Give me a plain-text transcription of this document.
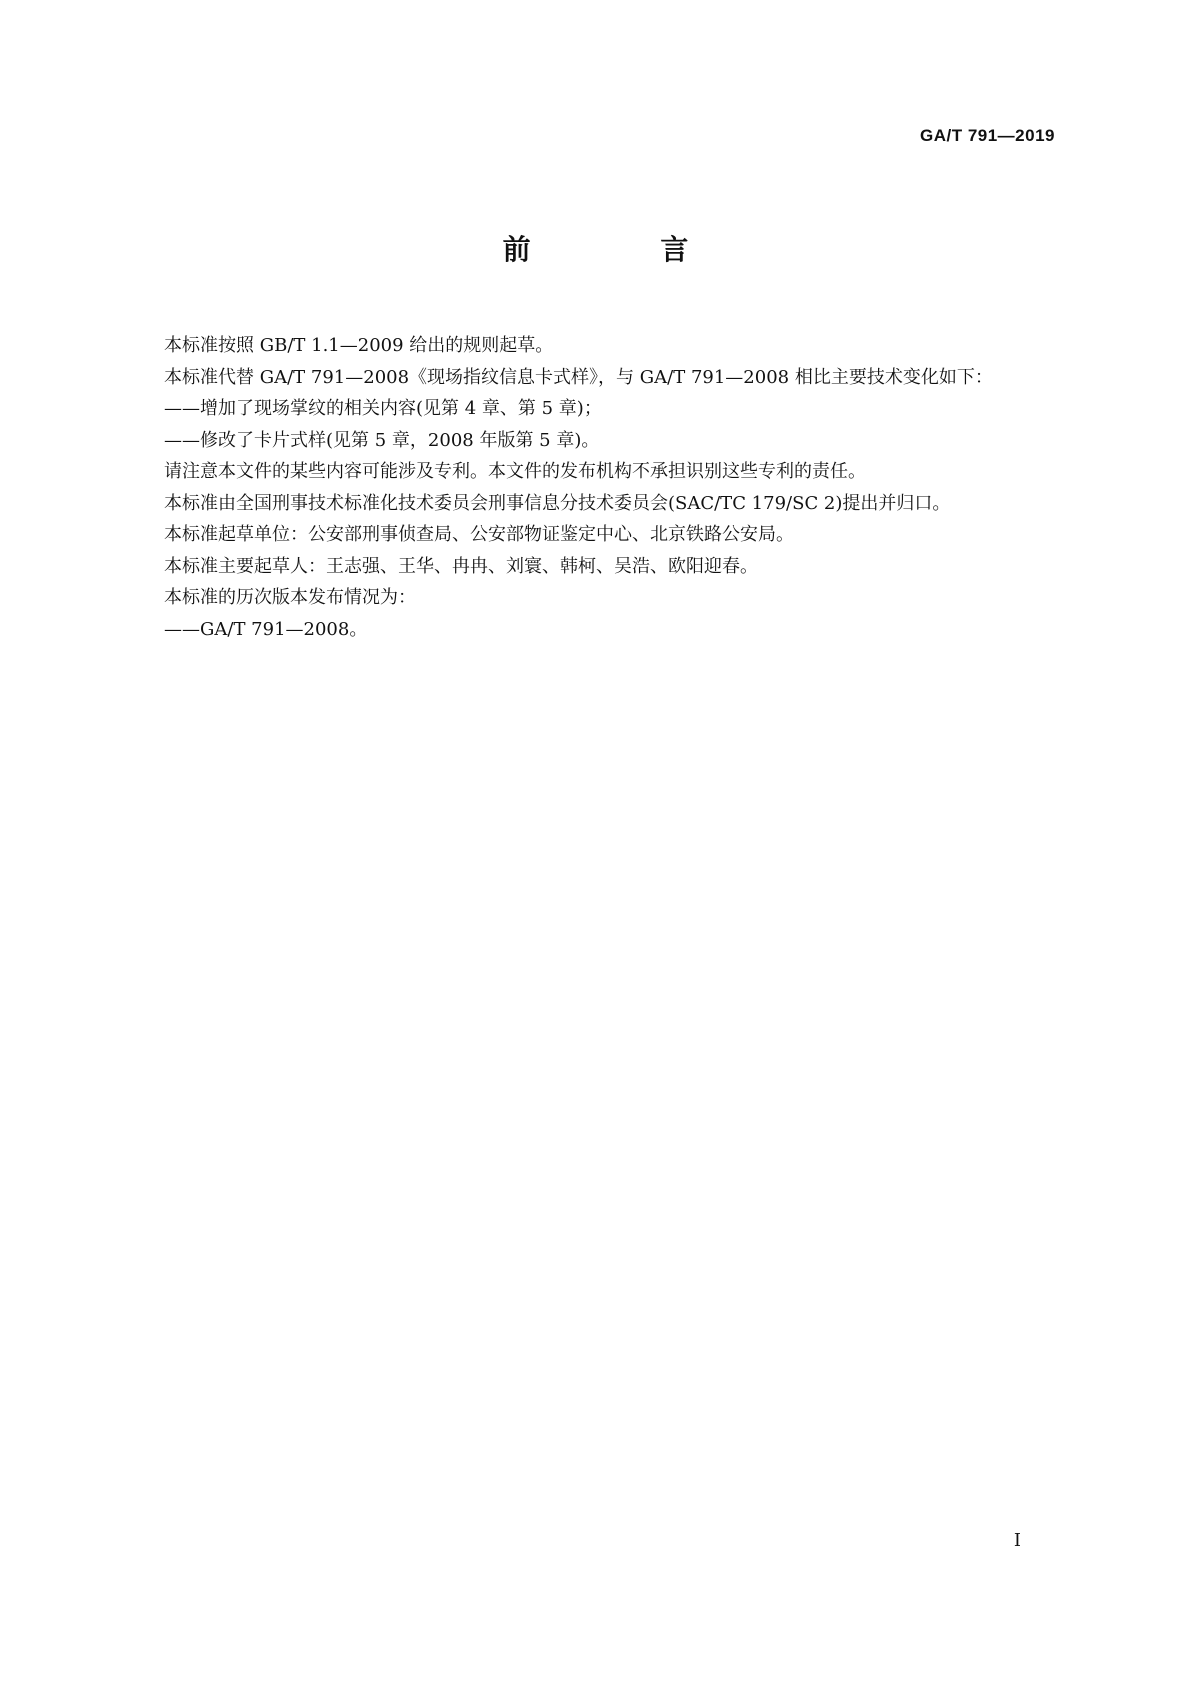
GA/T 791—2019
前 言

本标准按照 GB/T 1.1—2009 给出的规则起草。

本标准代替 GA/T 791—2008《现场指纹信息卡式样》，与 GA/T 791—2008 相比主要技术变化如下：

——增加了现场掌纹的相关内容(见第 4 章、第 5 章)；

——修改了卡片式样(见第 5 章，2008 年版第 5 章)。

请注意本文件的某些内容可能涉及专利。本文件的发布机构不承担识别这些专利的责任。

本标准由全国刑事技术标准化技术委员会刑事信息分技术委员会(SAC/TC 179/SC 2)提出并归口。

本标准起草单位：公安部刑事侦查局、公安部物证鉴定中心、北京铁路公安局。

本标准主要起草人：王志强、王华、冉冉、刘寰、韩柯、吴浩、欧阳迎春。

本标准的历次版本发布情况为：

——GA/T 791—2008。

I
